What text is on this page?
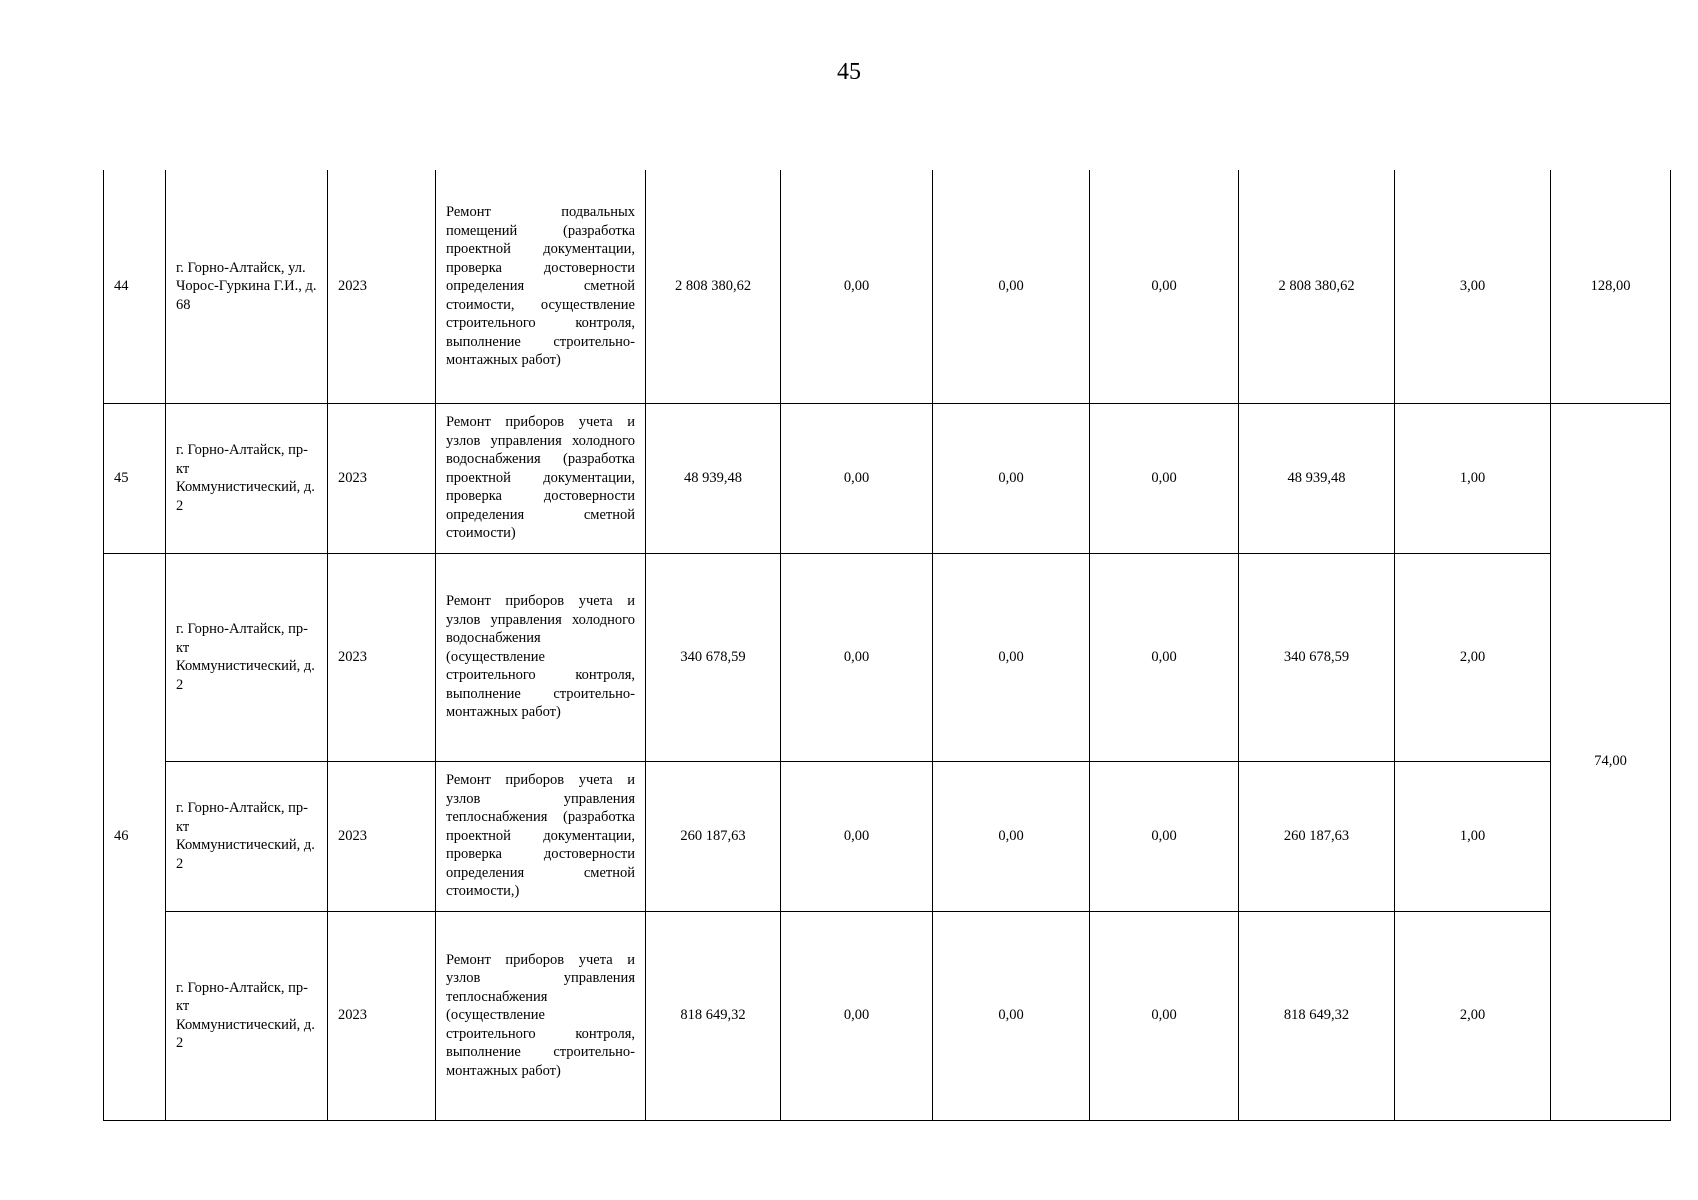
45
44	г. Горно-Алтайск, ул. Чорос-Гуркина Г.И., д. 68	2023	Ремонт подвальных помещений (разработка проектной документации, проверка достоверности определения сметной стоимости, осуществление строительного контроля, выполнение строительно-монтажных работ)	2 808 380,62	0,00	0,00	0,00	2 808 380,62	3,00	128,00
45	г. Горно-Алтайск, пр-кт Коммунистический, д. 2	2023	Ремонт приборов учета и узлов управления холодного водоснабжения (разработка проектной документации, проверка достоверности определения сметной стоимости)	48 939,48	0,00	0,00	0,00	48 939,48	1,00	74,00
46	г. Горно-Алтайск, пр-кт Коммунистический, д. 2	2023	Ремонт приборов учета и узлов управления холодного водоснабжения (осуществление строительного контроля, выполнение строительно-монтажных работ)	340 678,59	0,00	0,00	0,00	340 678,59	2,00	
	г. Горно-Алтайск, пр-кт Коммунистический, д. 2	2023	Ремонт приборов учета и узлов управления теплоснабжения (разработка проектной документации, проверка достоверности определения сметной стоимости,)	260 187,63	0,00	0,00	0,00	260 187,63	1,00	
	г. Горно-Алтайск, пр-кт Коммунистический, д. 2	2023	Ремонт приборов учета и узлов управления теплоснабжения (осуществление строительного контроля, выполнение строительно-монтажных работ)	818 649,32	0,00	0,00	0,00	818 649,32	2,00	
